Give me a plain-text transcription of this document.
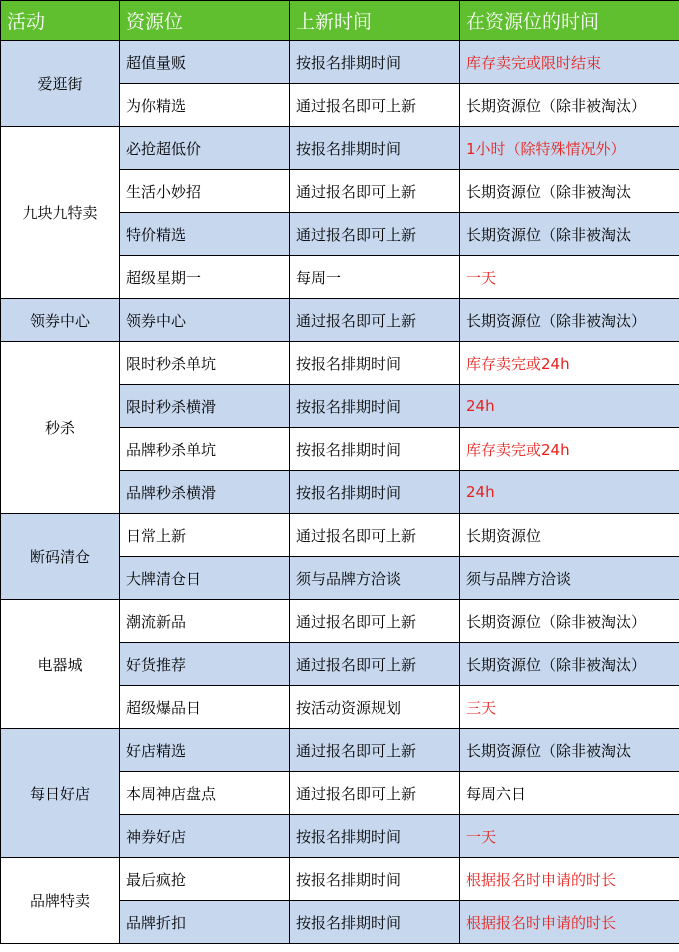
活动	资源位	上新时间	在资源位的时间
爱逛街	超值量贩	按报名排期时间	库存卖完或限时结束
	为你精选	通过报名即可上新	长期资源位（除非被淘汰）
九块九特卖	必抢超低价	按报名排期时间	1小时（除特殊情况外）
	生活小妙招	通过报名即可上新	长期资源位（除非被淘汰
	特价精选	通过报名即可上新	长期资源位（除非被淘汰
	超级星期一	每周一	一天
领券中心	领券中心	通过报名即可上新	长期资源位（除非被淘汰）
秒杀	限时秒杀单坑	按报名排期时间	库存卖完或24h
	限时秒杀横滑	按报名排期时间	24h
	品牌秒杀单坑	按报名排期时间	库存卖完或24h
	品牌秒杀横滑	按报名排期时间	24h
断码清仓	日常上新	通过报名即可上新	长期资源位
	大牌清仓日	须与品牌方洽谈	须与品牌方洽谈
电器城	潮流新品	通过报名即可上新	长期资源位（除非被淘汰）
	好货推荐	通过报名即可上新	长期资源位（除非被淘汰）
	超级爆品日	按活动资源规划	三天
每日好店	好店精选	通过报名即可上新	长期资源位（除非被淘汰
	本周神店盘点	通过报名即可上新	每周六日
	神券好店	按报名排期时间	一天
品牌特卖	最后疯抢	按报名排期时间	根据报名时申请的时长
	品牌折扣	按报名排期时间	根据报名时申请的时长
